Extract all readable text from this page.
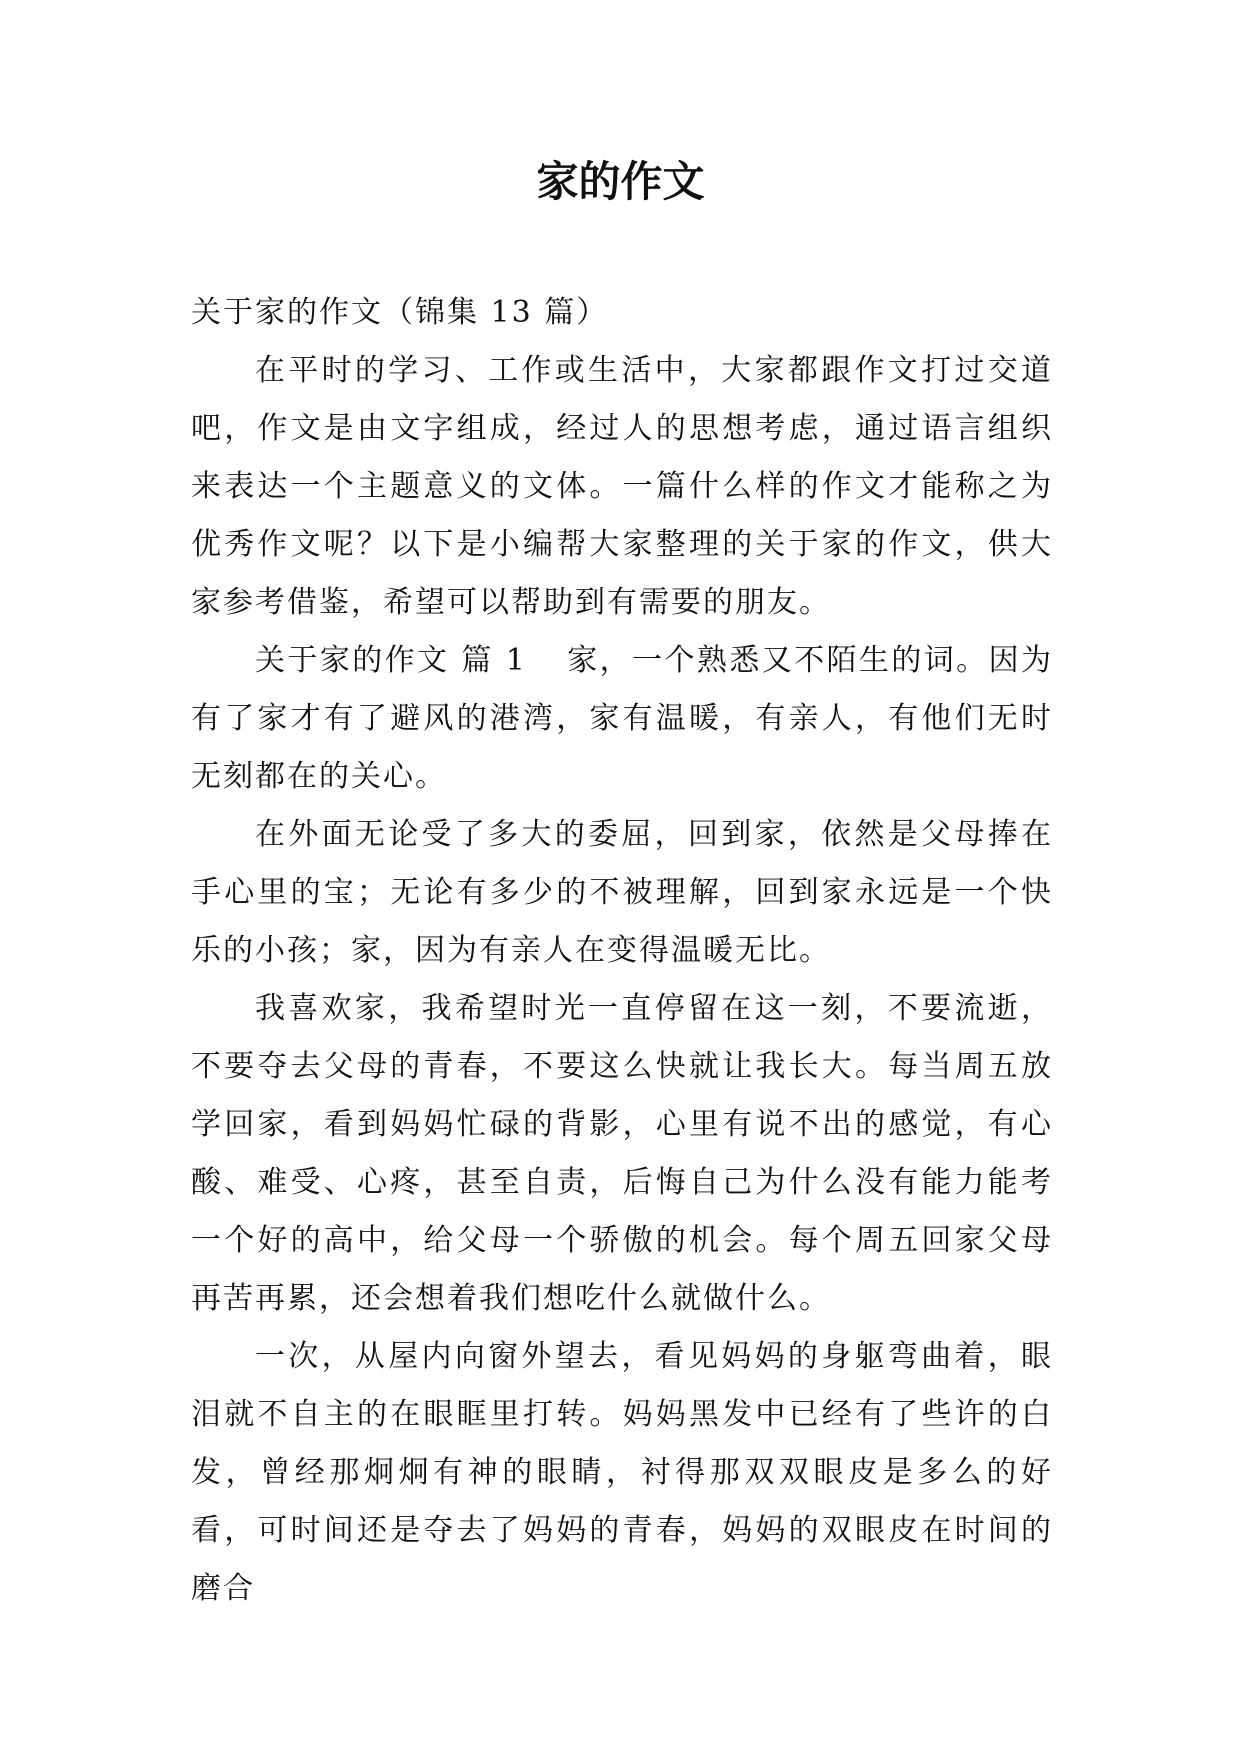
家的作文

关于家的作文（锦集 13 篇）

在平时的学习、工作或生活中，大家都跟作文打过交道吧，作文是由文字组成，经过人的思想考虑，通过语言组织来表达一个主题意义的文体。一篇什么样的作文才能称之为优秀作文呢？以下是小编帮大家整理的关于家的作文，供大家参考借鉴，希望可以帮助到有需要的朋友。

关于家的作文 篇 1 家，一个熟悉又不陌生的词。因为有了家才有了避风的港湾，家有温暖，有亲人，有他们无时无刻都在的关心。

在外面无论受了多大的委屈，回到家，依然是父母捧在手心里的宝；无论有多少的不被理解，回到家永远是一个快乐的小孩；家，因为有亲人在变得温暖无比。

我喜欢家，我希望时光一直停留在这一刻，不要流逝，不要夺去父母的青春，不要这么快就让我长大。每当周五放学回家，看到妈妈忙碌的背影，心里有说不出的感觉，有心酸、难受、心疼，甚至自责，后悔自己为什么没有能力能考一个好的高中，给父母一个骄傲的机会。每个周五回家父母再苦再累，还会想着我们想吃什么就做什么。

一次，从屋内向窗外望去，看见妈妈的身躯弯曲着，眼泪就不自主的在眼眶里打转。妈妈黑发中已经有了些许的白发，曾经那炯炯有神的眼睛，衬得那双双眼皮是多么的好看，可时间还是夺去了妈妈的青春，妈妈的双眼皮在时间的磨合
